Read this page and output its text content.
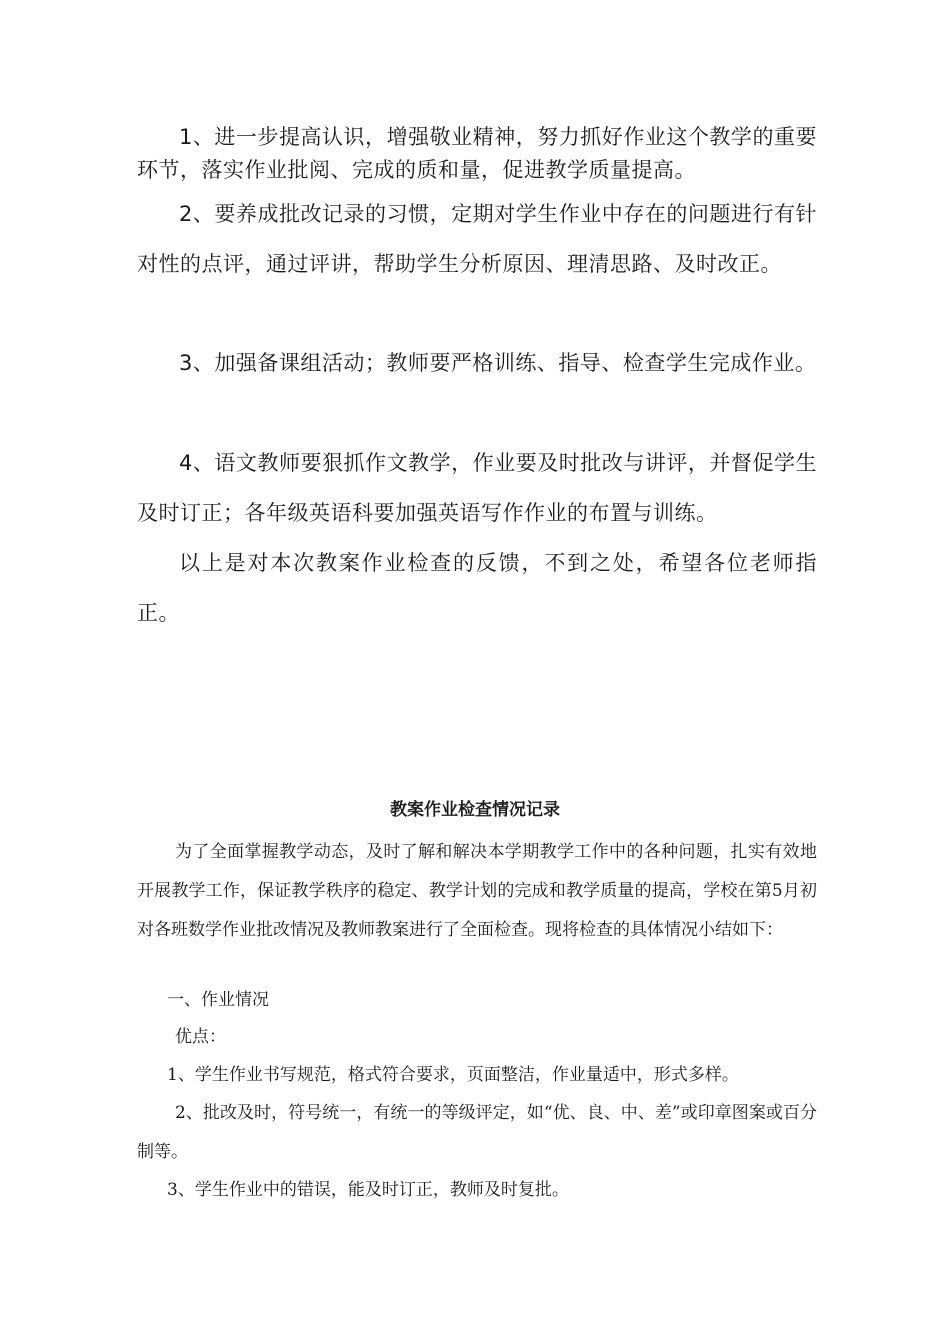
1、进一步提高认识，增强敬业精神，努力抓好作业这个教学的重要环节，落实作业批阅、完成的质和量，促进教学质量提高。

2、要养成批改记录的习惯，定期对学生作业中存在的问题进行有针对性的点评，通过评讲，帮助学生分析原因、理清思路、及时改正。

3、加强备课组活动；教师要严格训练、指导、检查学生完成作业。

4、语文教师要狠抓作文教学，作业要及时批改与讲评，并督促学生及时订正；各年级英语科要加强英语写作作业的布置与训练。

以上是对本次教案作业检查的反馈，不到之处，希望各位老师指正。

教案作业检查情况记录

为了全面掌握教学动态，及时了解和解决本学期教学工作中的各种问题，扎实有效地开展教学工作，保证教学秩序的稳定、教学计划的完成和教学质量的提高，学校在第5月初对各班数学作业批改情况及教师教案进行了全面检查。现将检查的具体情况小结如下：

一、作业情况

优点：

1、学生作业书写规范，格式符合要求，页面整洁，作业量适中，形式多样。

2、批改及时，符号统一，有统一的等级评定，如“优、良、中、差”或印章图案或百分制等。

3、学生作业中的错误，能及时订正，教师及时复批。
